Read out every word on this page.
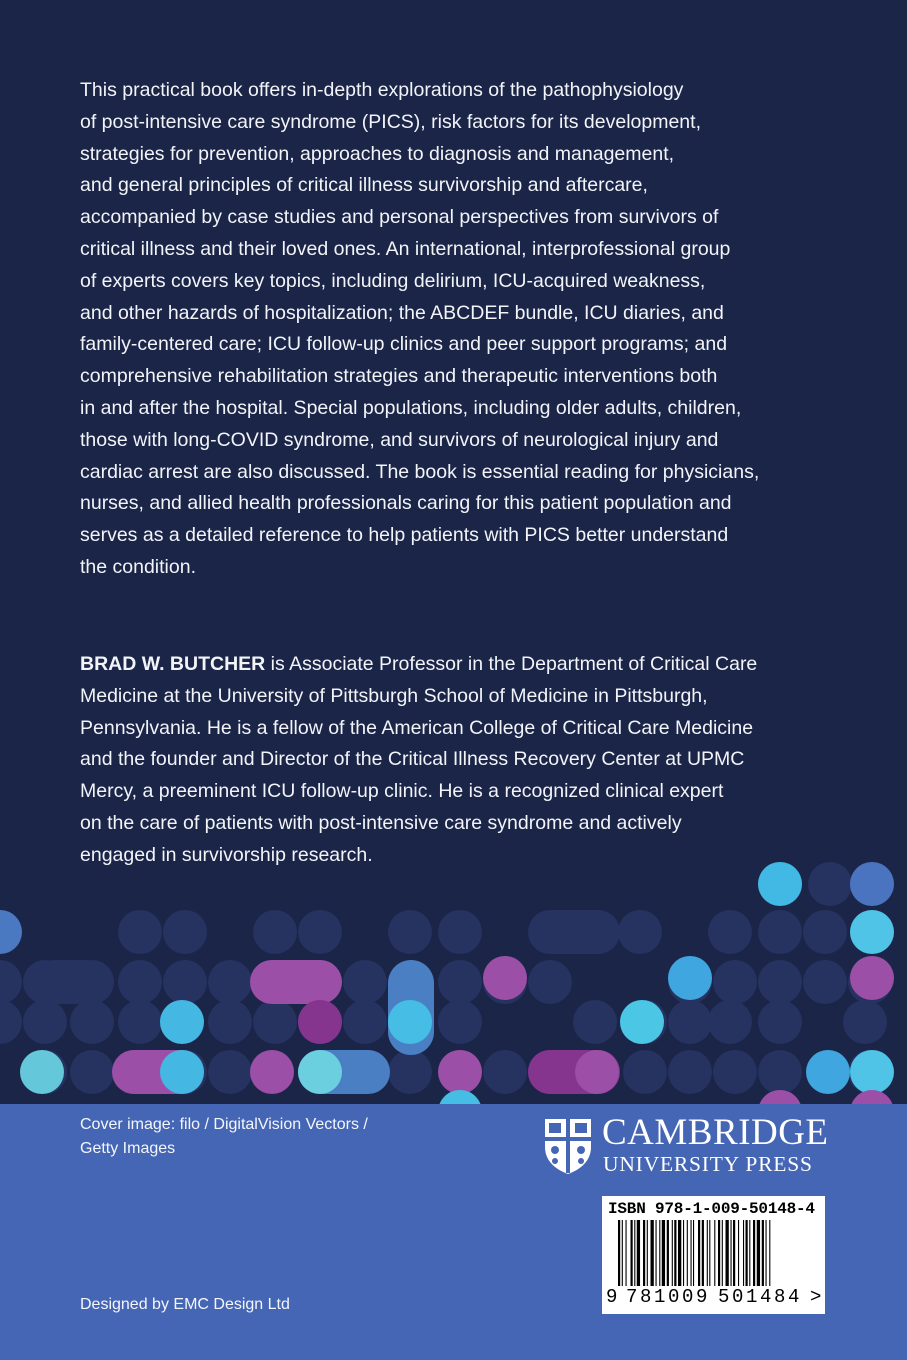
This practical book offers in-depth explorations of the pathophysiology
of post-intensive care syndrome (PICS), risk factors for its development,
strategies for prevention, approaches to diagnosis and management,
and general principles of critical illness survivorship and aftercare,
accompanied by case studies and personal perspectives from survivors of
critical illness and their loved ones. An international, interprofessional group
of experts covers key topics, including delirium, ICU-acquired weakness,
and other hazards of hospitalization; the ABCDEF bundle, ICU diaries, and
family-centered care; ICU follow-up clinics and peer support programs; and
comprehensive rehabilitation strategies and therapeutic interventions both
in and after the hospital. Special populations, including older adults, children,
those with long-COVID syndrome, and survivors of neurological injury and
cardiac arrest are also discussed. The book is essential reading for physicians,
nurses, and allied health professionals caring for this patient population and
serves as a detailed reference to help patients with PICS better understand
the condition.
BRAD W. BUTCHER is Associate Professor in the Department of Critical Care
Medicine at the University of Pittsburgh School of Medicine in Pittsburgh,
Pennsylvania. He is a fellow of the American College of Critical Care Medicine
and the founder and Director of the Critical Illness Recovery Center at UPMC
Mercy, a preeminent ICU follow-up clinic. He is a recognized clinical expert
on the care of patients with post-intensive care syndrome and actively
engaged in survivorship research.
Cover image: filo / DigitalVision Vectors /
Getty Images
Designed by EMC Design Ltd
CAMBRIDGE
UNIVERSITY PRESS
ISBN 978-1-009-50148-4
9 7 8 1 0 0 9 5 0 1 4 8 4 >
